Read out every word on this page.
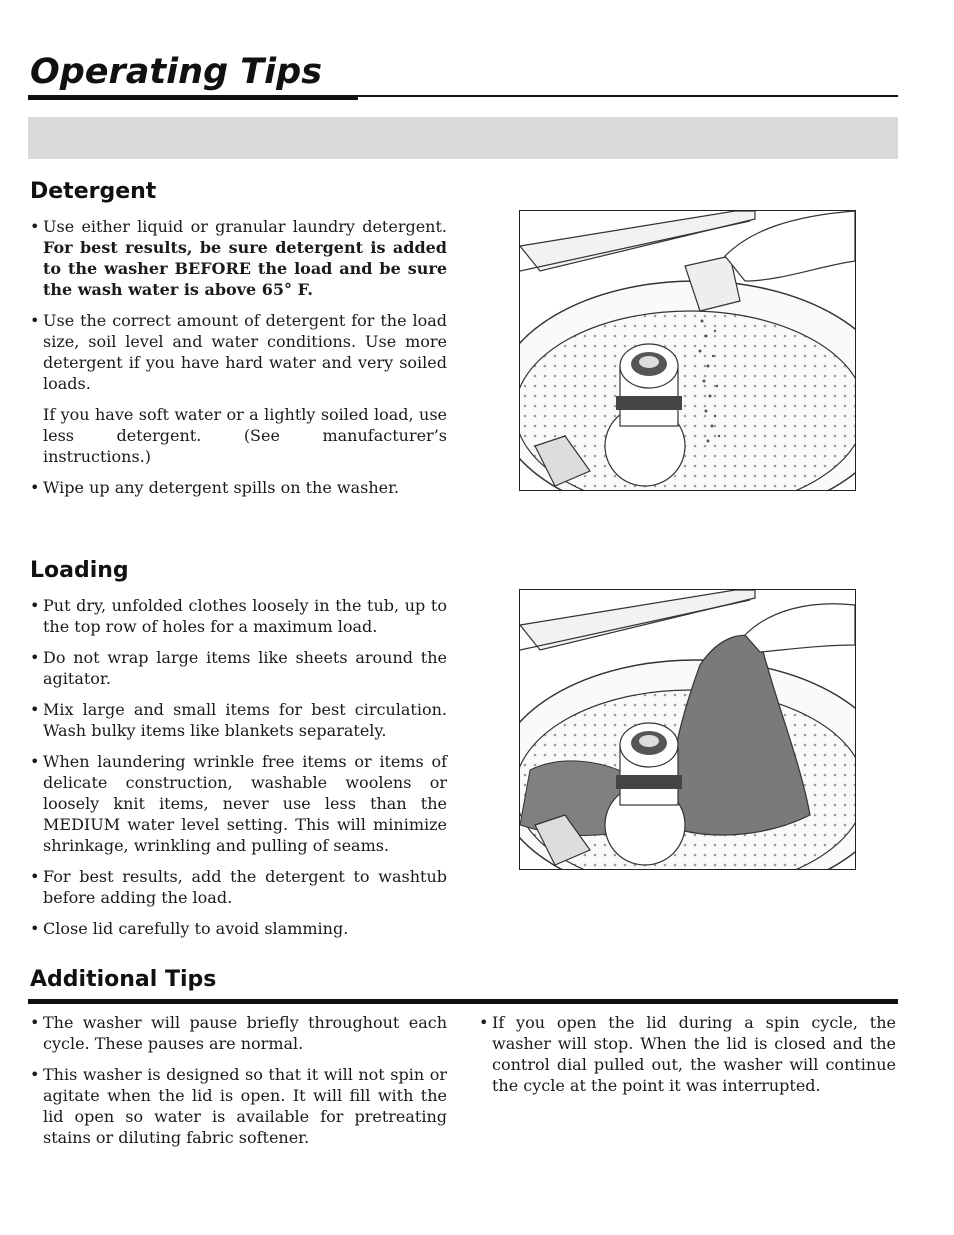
Operating Tips
Detergent
• Use either liquid or granular laundry detergent. For best results, be sure detergent is added to the washer BEFORE the load and be sure the wash water is above 65° F.
• Use the correct amount of detergent for the load size, soil level and water conditions. Use more detergent if you have hard water and very soiled loads.
If you have soft water or a lightly soiled load, use less detergent. (See manufacturer’s instructions.)
• Wipe up any detergent spills on the washer.
Loading
• Put dry, unfolded clothes loosely in the tub, up to the top row of holes for a maximum load.
• Do not wrap large items like sheets around the agitator.
• Mix large and small items for best circulation. Wash bulky items like blankets separately.
• When laundering wrinkle free items or items of delicate construction, washable woolens or loosely knit items, never use less than the MEDIUM water level setting. This will minimize shrinkage, wrinkling and pulling of seams.
• For best results, add the detergent to washtub before adding the load.
• Close lid carefully to avoid slamming.
Additional Tips
• The washer will pause briefly throughout each cycle. These pauses are normal.
• This washer is designed so that it will not spin or agitate when the lid is open. It will fill with the lid open so water is available for pretreating stains or diluting fabric softener.
• If you open the lid during a spin cycle, the washer will stop. When the lid is closed and the control dial pulled out, the washer will continue the cycle at the point it was interrupted.
